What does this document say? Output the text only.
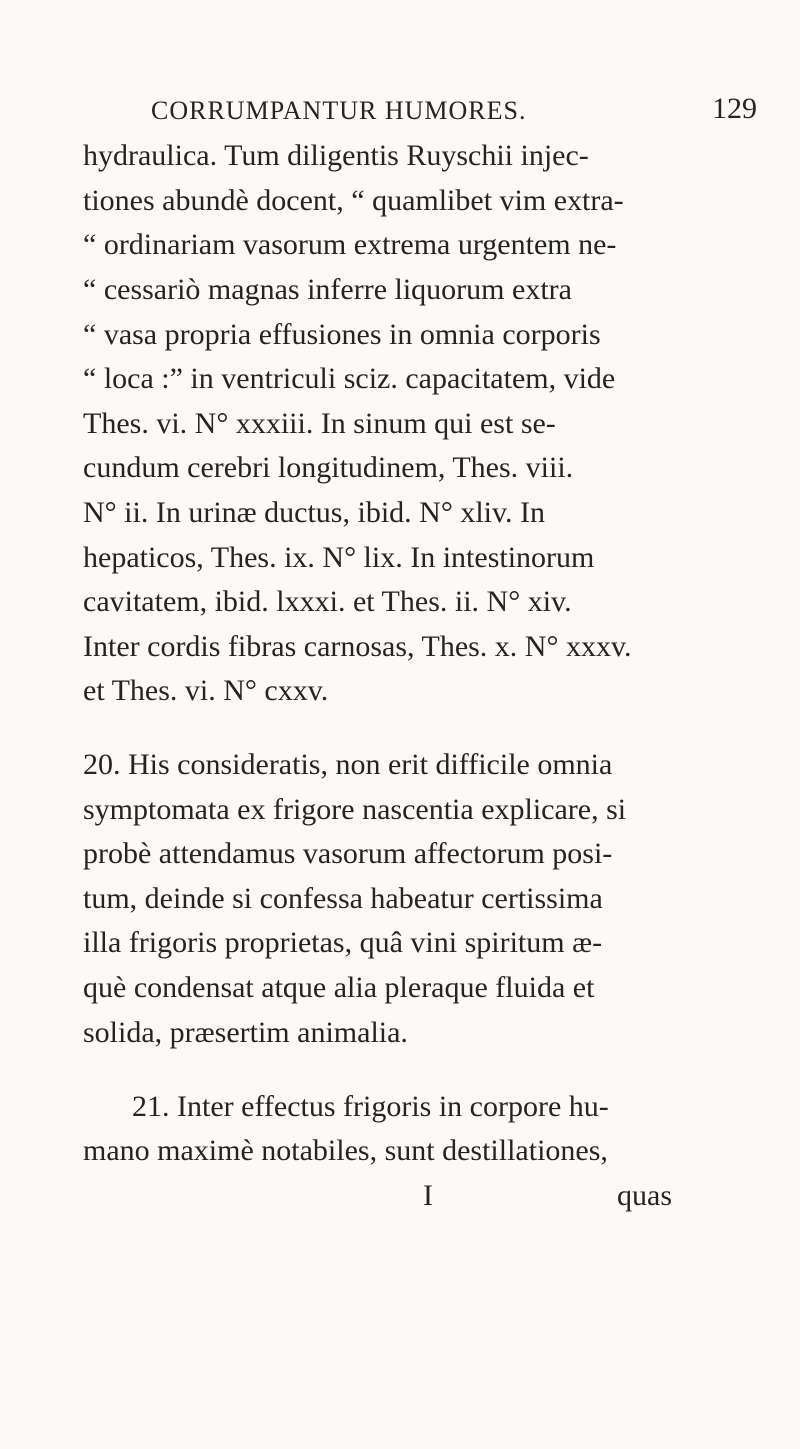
CORRUMPANTUR HUMORES.	129
hydraulica. Tum diligentis Ruyschii injec-
tiones abundè docent, “ quamlibet vim extra-
“ ordinariam vasorum extrema urgentem ne-
“ cessariò magnas inferre liquorum extra
“ vasa propria effusiones in omnia corporis
“ loca :” in ventriculi sciz. capacitatem, vide
Thes. vi. N° xxxiii. In sinum qui est se-
cundum cerebri longitudinem, Thes. viii.
N° ii. In urinæ ductus, ibid. N° xliv. In
hepaticos, Thes. ix. N° lix. In intestinorum
cavitatem, ibid. lxxxi. et Thes. ii. N° xiv.
Inter cordis fibras carnosas, Thes. x. N° xxxv.
et Thes. vi. N° cxxv.
20. His consideratis, non erit difficile omnia
symptomata ex frigore nascentia explicare, si
probè attendamus vasorum affectorum posi-
tum, deinde si confessa habeatur certissima
illa frigoris proprietas, quâ vini spiritum æ-
què condensat atque alia pleraque fluida et
solida, præsertim animalia.
21. Inter effectus frigoris in corpore hu-
mano maximè notabiles, sunt destillationes,
I	quas
